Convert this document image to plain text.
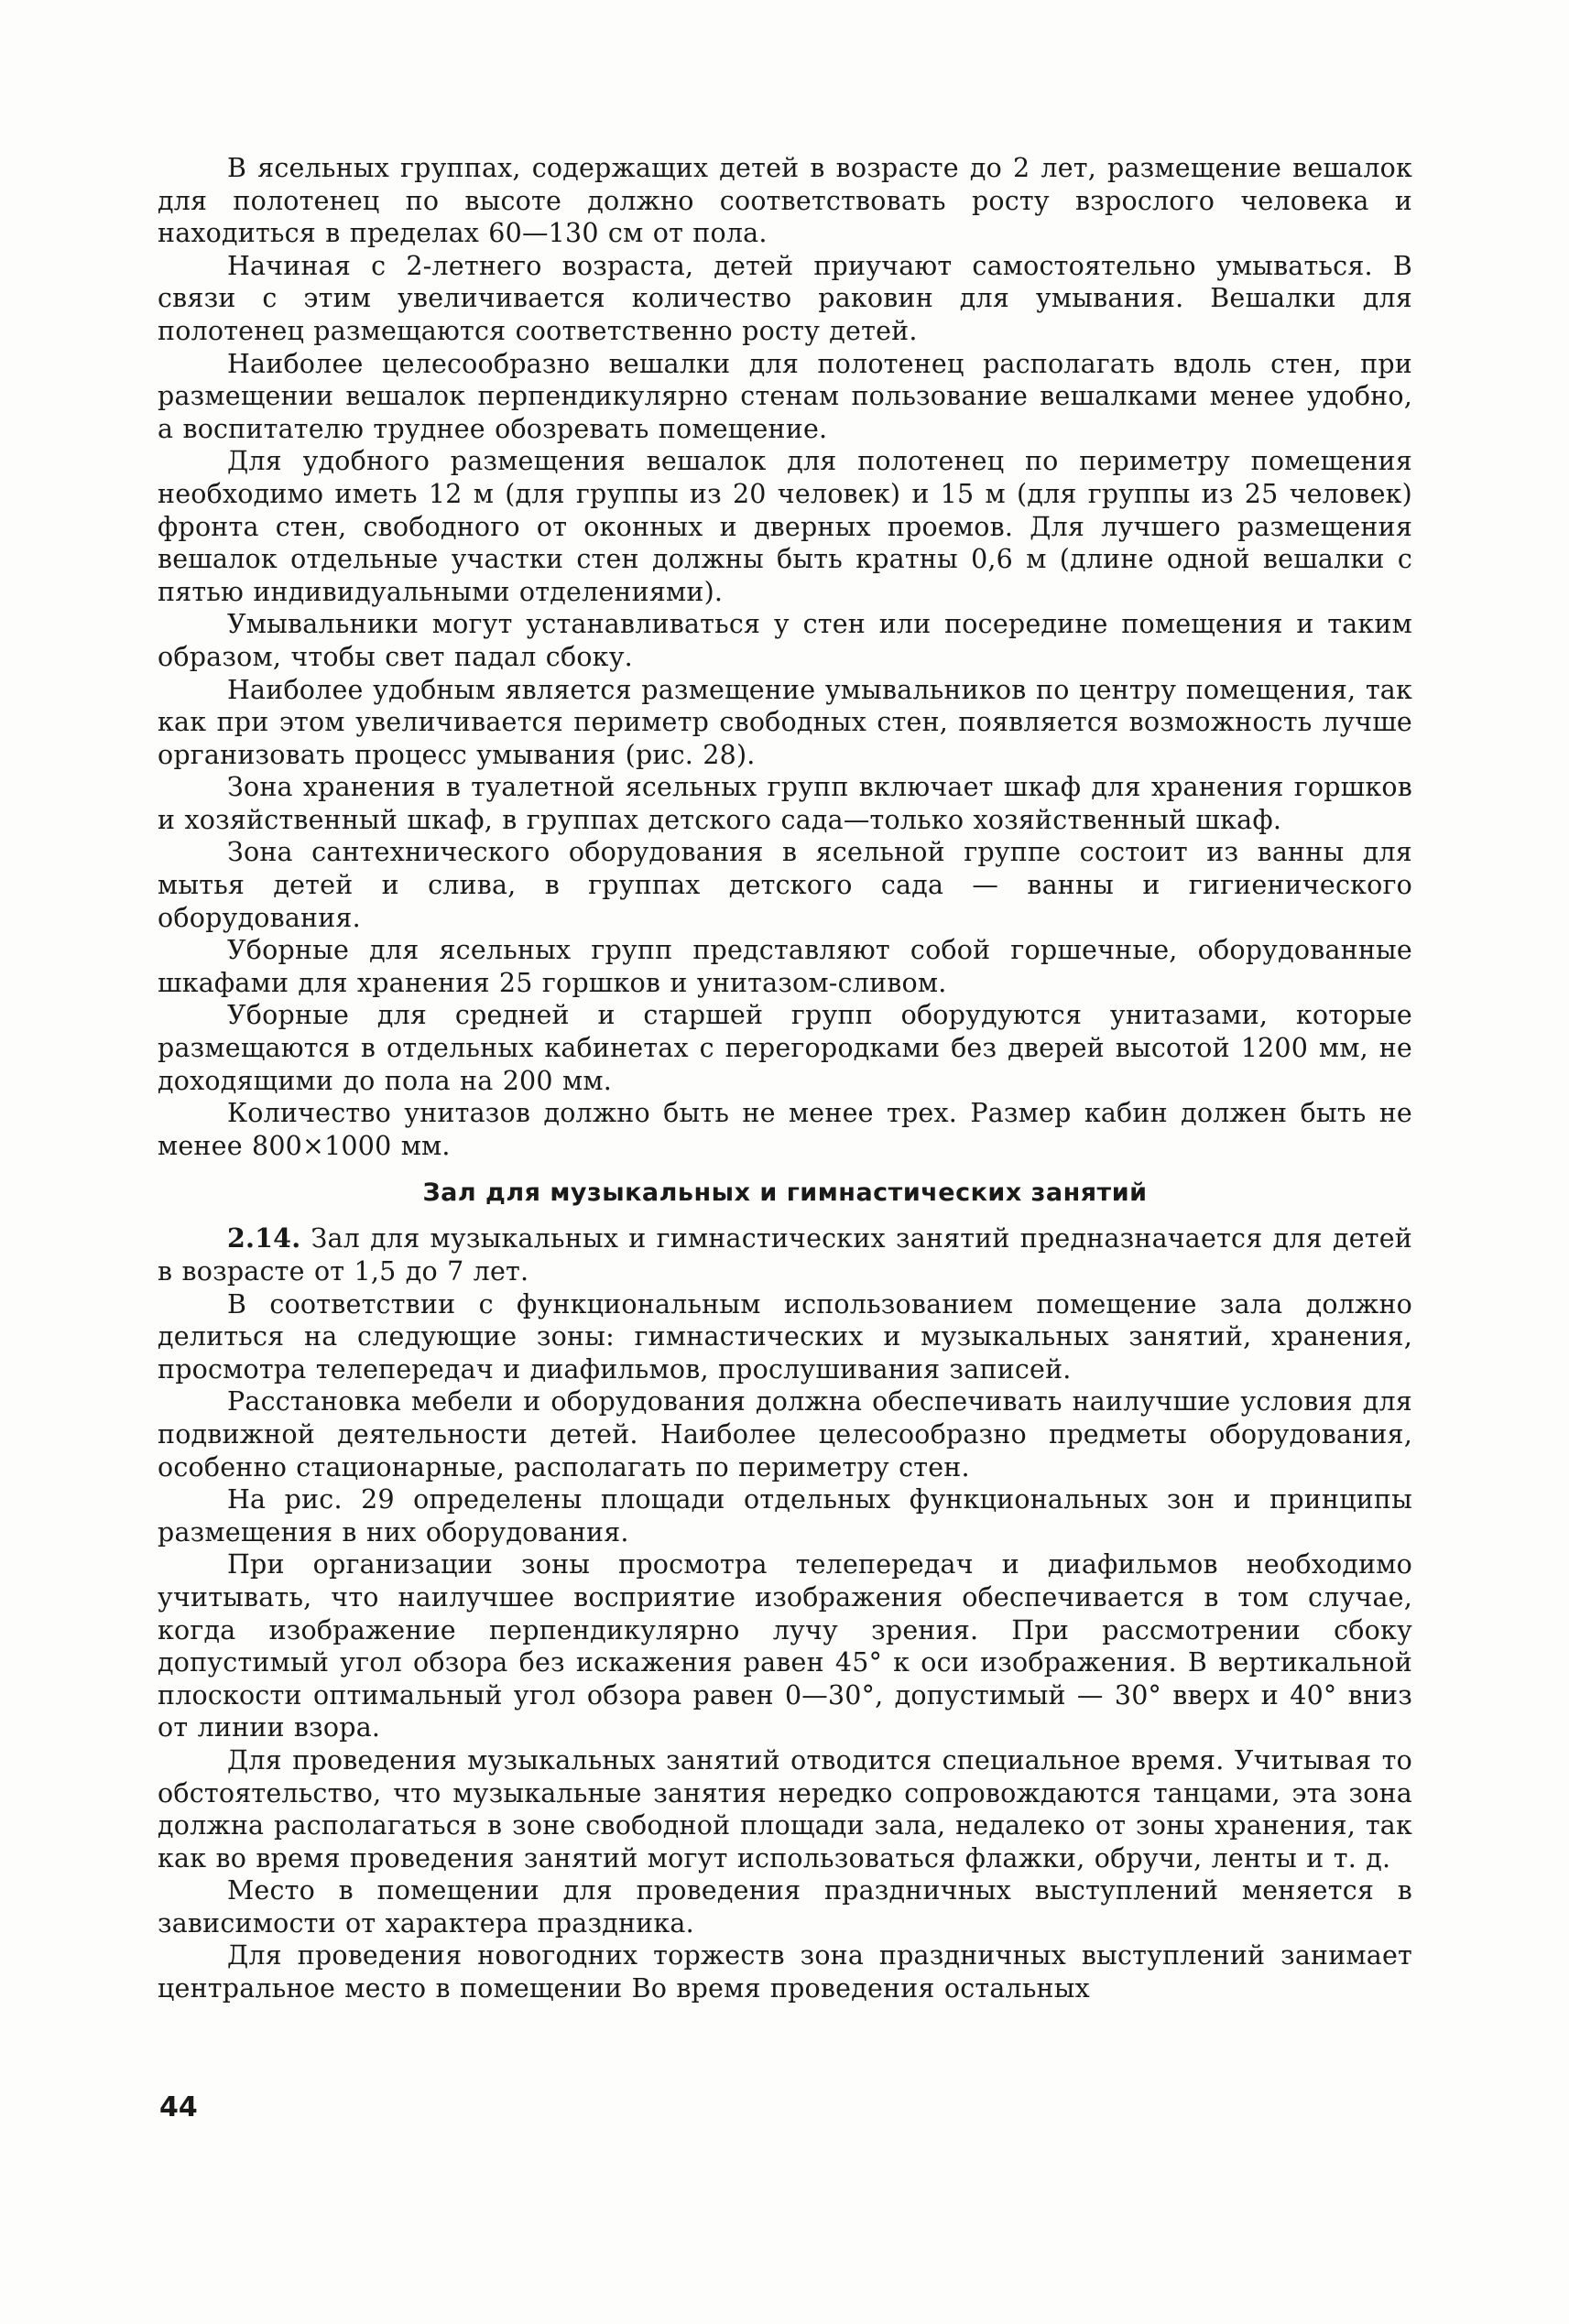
В ясельных группах, содержащих детей в возрасте до 2 лет, размещение вешалок для полотенец по высоте должно соответствовать росту взрослого человека и находиться в пределах 60—130 см от пола.

Начиная с 2-летнего возраста, детей приучают самостоятельно умываться. В связи с этим увеличивается количество раковин для умывания. Вешалки для полотенец размещаются соответственно росту детей.

Наиболее целесообразно вешалки для полотенец располагать вдоль стен, при размещении вешалок перпендикулярно стенам пользование вешалками менее удобно, а воспитателю труднее обозревать помещение.

Для удобного размещения вешалок для полотенец по периметру помещения необходимо иметь 12 м (для группы из 20 человек) и 15 м (для группы из 25 человек) фронта стен, свободного от оконных и дверных проемов. Для лучшего размещения вешалок отдельные участки стен должны быть кратны 0,6 м (длине одной вешалки с пятью индивидуальными отделениями).

Умывальники могут устанавливаться у стен или посередине помещения и таким образом, чтобы свет падал сбоку.

Наиболее удобным является размещение умывальников по центру помещения, так как при этом увеличивается периметр свободных стен, появляется возможность лучше организовать процесс умывания (рис. 28).

Зона хранения в туалетной ясельных групп включает шкаф для хранения горшков и хозяйственный шкаф, в группах детского сада—только хозяйственный шкаф.

Зона сантехнического оборудования в ясельной группе состоит из ванны для мытья детей и слива, в группах детского сада — ванны и гигиенического оборудования.

Уборные для ясельных групп представляют собой горшечные, оборудованные шкафами для хранения 25 горшков и унитазом-сливом.

Уборные для средней и старшей групп оборудуются унитазами, которые размещаются в отдельных кабинетах с перегородками без дверей высотой 1200 мм, не доходящими до пола на 200 мм.

Количество унитазов должно быть не менее трех. Размер кабин должен быть не менее 800×1000 мм.

Зал для музыкальных и гимнастических занятий

2.14. Зал для музыкальных и гимнастических занятий предназначается для детей в возрасте от 1,5 до 7 лет.

В соответствии с функциональным использованием помещение зала должно делиться на следующие зоны: гимнастических и музыкальных занятий, хранения, просмотра телепередач и диафильмов, прослушивания записей.

Расстановка мебели и оборудования должна обеспечивать наилучшие условия для подвижной деятельности детей. Наиболее целесообразно предметы оборудования, особенно стационарные, располагать по периметру стен.

На рис. 29 определены площади отдельных функциональных зон и принципы размещения в них оборудования.

При организации зоны просмотра телепередач и диафильмов необходимо учитывать, что наилучшее восприятие изображения обеспечивается в том случае, когда изображение перпендикулярно лучу зрения. При рассмотрении сбоку допустимый угол обзора без искажения равен 45° к оси изображения. В вертикальной плоскости оптимальный угол обзора равен 0—30°, допустимый — 30° вверх и 40° вниз от линии взора.

Для проведения музыкальных занятий отводится специальное время. Учитывая то обстоятельство, что музыкальные занятия нередко сопровождаются танцами, эта зона должна располагаться в зоне свободной площади зала, недалеко от зоны хранения, так как во время проведения занятий могут использоваться флажки, обручи, ленты и т. д.

Место в помещении для проведения праздничных выступлений меняется в зависимости от характера праздника.

Для проведения новогодних торжеств зона праздничных выступлений занимает центральное место в помещении Во время проведения остальных

44
